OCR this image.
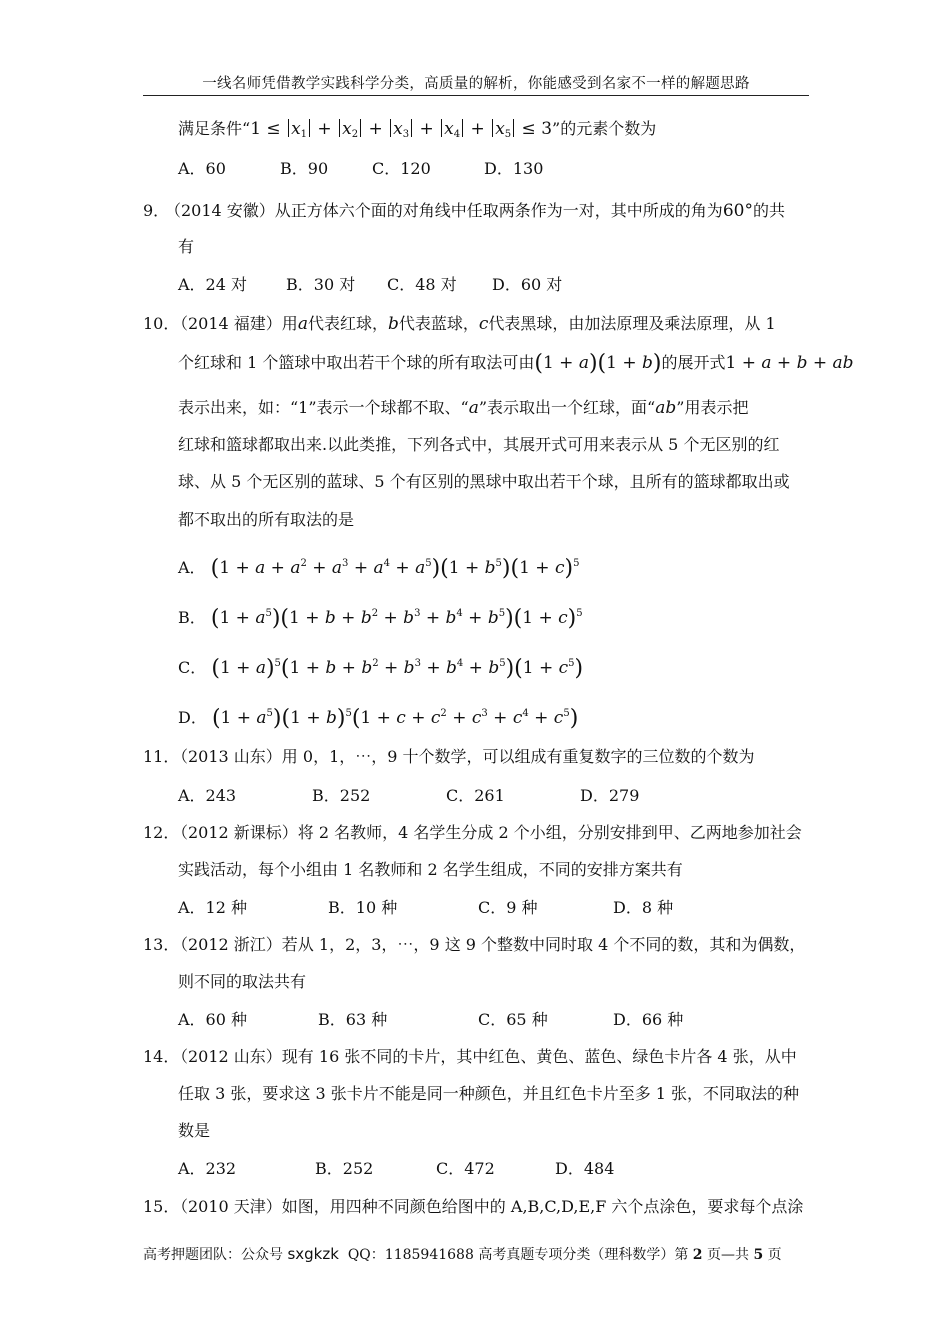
一线名师凭借教学实践科学分类，高质量的解析，你能感受到名家不一样的解题思路
满足条件“$1 \le x_1 + x_2 + x_3 + x_4 + x_5 \le 3$”的元素个数为
A．60	B．90	C．120	D．130
9．
（2014 安徽）从正方体六个面的对角线中任取两条作为一对，其中所成的角为60°的共
有
A．24 对 B．30 对 C．48 对 D．60 对
10．
（2014 福建）用a代表红球，b代表蓝球，c代表黑球，由加法原理及乘法原理，从 1
个红球和 1 个篮球中取出若干个球的所有取法可由(1 + a)(1 + b)的展开式1 + a + b + ab
表示出来，如：“1”表示一个球都不取、“a”表示取出一个红球，面“ab”用表示把
红球和篮球都取出来.以此类推，下列各式中，其展开式可用来表示从 5 个无区别的红
球、从 5 个无区别的蓝球、5 个有区别的黑球中取出若干个球，且所有的篮球都取出或
都不取出的所有取法的是
A． $(1 + a + a^2 + a^3 + a^4 + a^5)(1 + b^5)(1 + c)^5$
B． $(1 + a^5)(1 + b + b^2 + b^3 + b^4 + b^5)(1 + c)^5$
C． $(1 + a)^5(1 + b + b^2 + b^3 + b^4 + b^5)(1 + c^5)$
D． $(1 + a^5)(1 + b)^5(1 + c + c^2 + c^3 + c^4 + c^5)$
11．
（2013 山东）用 0，1，⋯，9 十个数学，可以组成有重复数字的三位数的个数为
A．243	B．252	C．261	D．279
12．
（2012 新课标）将 2 名教师，4 名学生分成 2 个小组，分别安排到甲、乙两地参加社会
实践活动，每个小组由 1 名教师和 2 名学生组成，不同的安排方案共有
A．12 种	B．10 种	C．9 种	D．8 种
13．
（2012 浙江）若从 1，2，3，⋯，9 这 9 个整数中同时取 4 个不同的数，其和为偶数，
则不同的取法共有
A．60 种	B．63 种	C．65 种	D．66 种
14．
（2012 山东）现有 16 张不同的卡片，其中红色、黄色、蓝色、绿色卡片各 4 张，从中
任取 3 张，要求这 3 张卡片不能是同一种颜色，并且红色卡片至多 1 张，不同取法的种
数是
A．232	B．252	C．472	D．484
15．
（2010 天津）如图，用四种不同颜色给图中的 A,B,C,D,E,F 六个点涂色，要求每个点涂
高考押题团队：公众号 sxgkzk QQ：1185941688 高考真题专项分类（理科数学）第 2 页—共 5 页
